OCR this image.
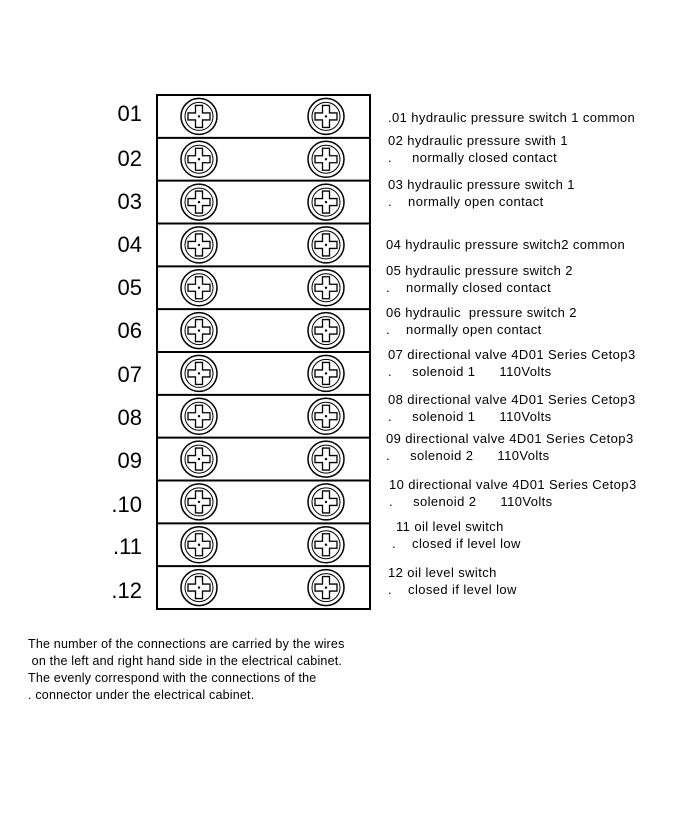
01	.01 hydraulic pressure switch 1 common
02
02 hydraulic pressure swith 1
.     normally closed contact
03
03 hydraulic pressure switch 1
.    normally open contact
04	04 hydraulic pressure switch2 common
05
05 hydraulic pressure switch 2
.    normally closed contact
06
06 hydraulic  pressure switch 2
.    normally open contact
07
07 directional valve 4D01 Series Cetop3
.     solenoid 1      110Volts
08
08 directional valve 4D01 Series Cetop3
.     solenoid 1      110Volts
09
09 directional valve 4D01 Series Cetop3
.     solenoid 2      110Volts
.10
10 directional valve 4D01 Series Cetop3
.     solenoid 2      110Volts
.11
11 oil level switch
.    closed if level low
.12
12 oil level switch
.    closed if level low
The number of the connections are carried by the wires
on the left and right hand side in the electrical cabinet.
The evenly correspond with the connections of the
. connector under the electrical cabinet.
